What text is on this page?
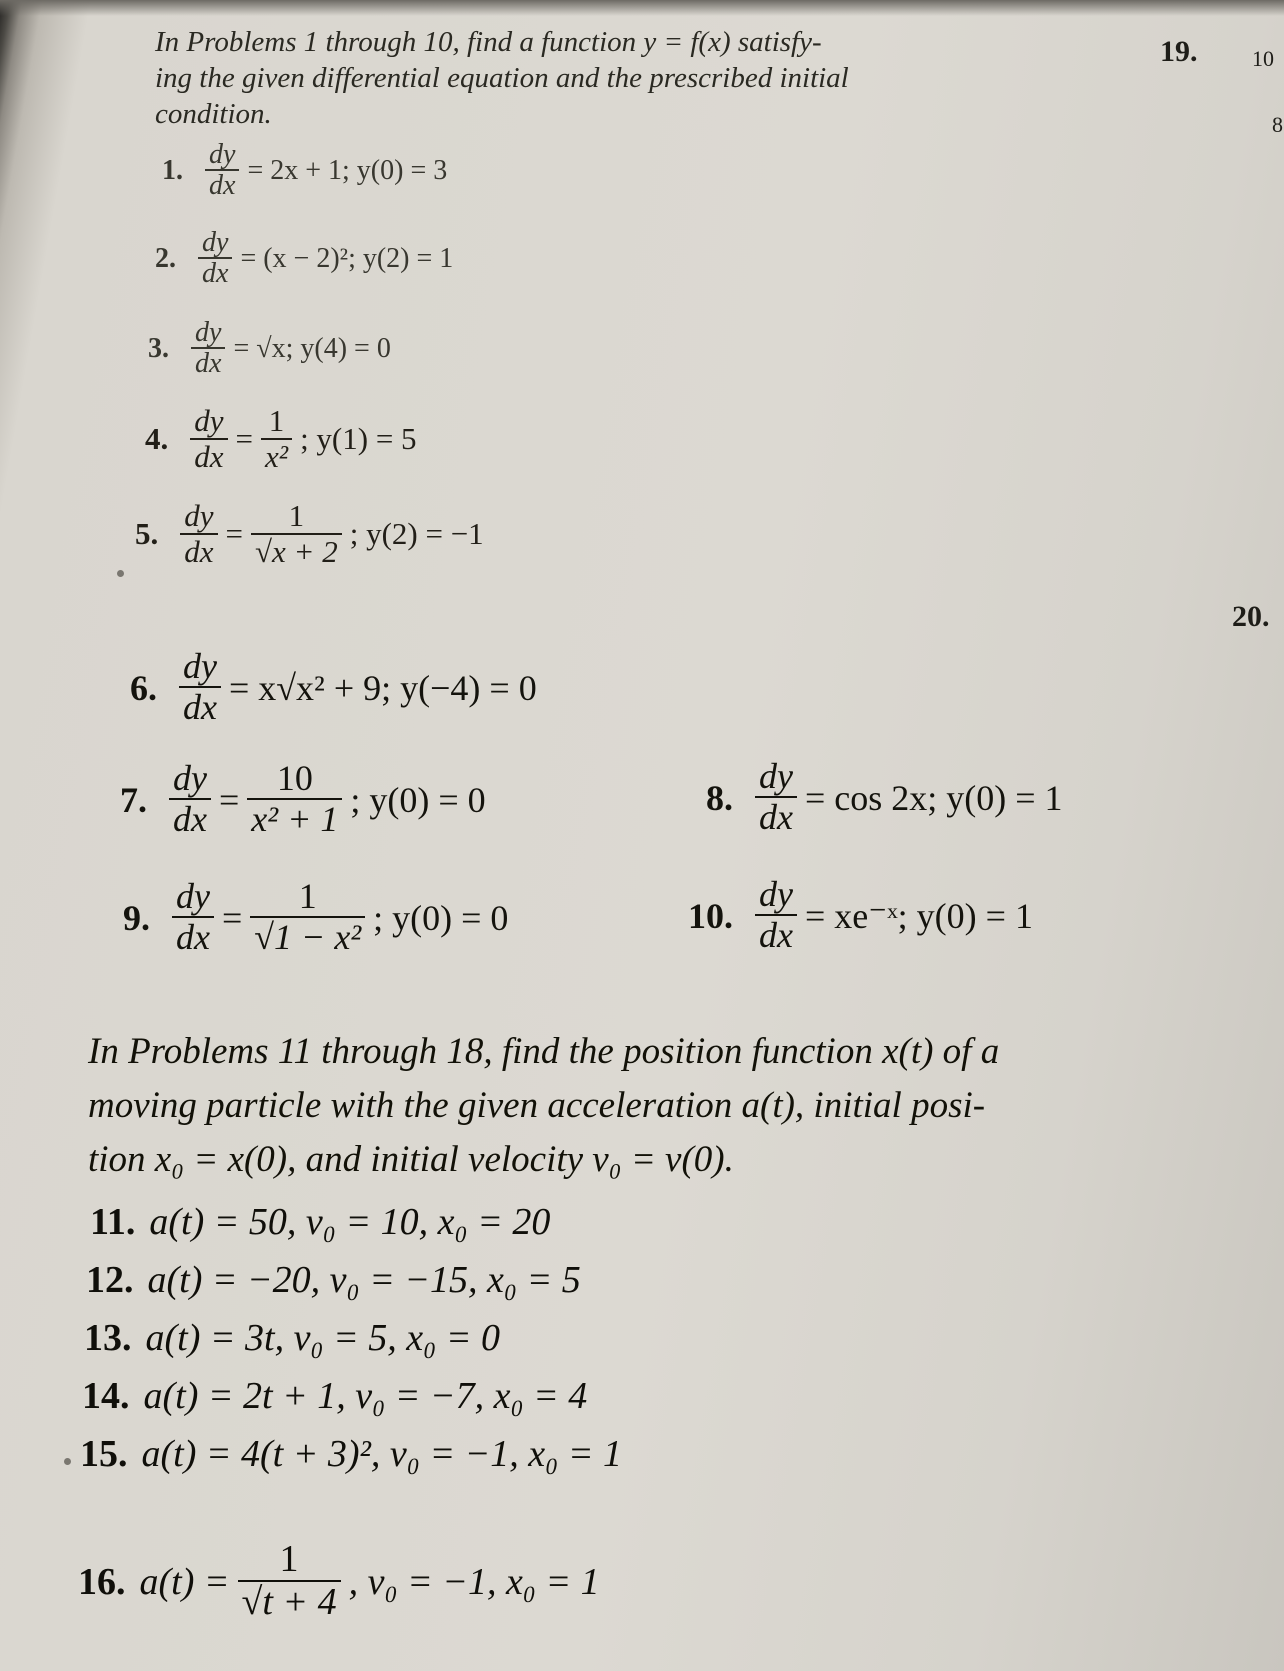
In Problems 1 through 10, find a function y = f(x) satisfy-
ing the given differential equation and the prescribed initial
condition.
1. $\frac{dy}{dx} = 2x + 1$; y(0) = 3
2. $\frac{dy}{dx} = (x - 2)^2$; y(2) = 1
3. $\frac{dy}{dx} = √x$; y(4) = 0
4. $\frac{dy}{dx} = \frac{1}{\text{x²}}$ ; y(1) = 5
5. $\frac{dy}{dx} = \frac{1}{√x + 2}$ ; y(2) = −1
6. $\frac{dy}{dx} = x√x^2 + 9$; y(−4) = 0
7. $\frac{dy}{dx} = \frac{10}{\text{x² + 1}}$ ; y(0) = 0	8. $\frac{dy}{dx} = \cos 2x$; y(0) = 1
9. $\frac{dy}{dx} = \frac{1}{\text{√1 − x²}}$ ; y(0) = 0	10. $\frac{dy}{dx}$ = xe⁻ˣ; y(0) = 1
In Problems 11 through 18, find the position function x(t) of a
moving particle with the given acceleration a(t), initial posi-
tion x₀ = x(0), and initial velocity v₀ = v(0).
11. a(t) = 50, v₀ = 10, x₀ = 20
12. a(t) = −20, v₀ = −15, x₀ = 5
13. a(t) = 3t, v₀ = 5, x₀ = 0
14. a(t) = 2t + 1, v₀ = −7, x₀ = 4
15. a(t) = 4(t + 3)², v₀ = −1, x₀ = 1
16. $a(t) = \frac{1}{√t + 4}$ , v₀ = −1, x₀ = 1
19. 10
8
20.
